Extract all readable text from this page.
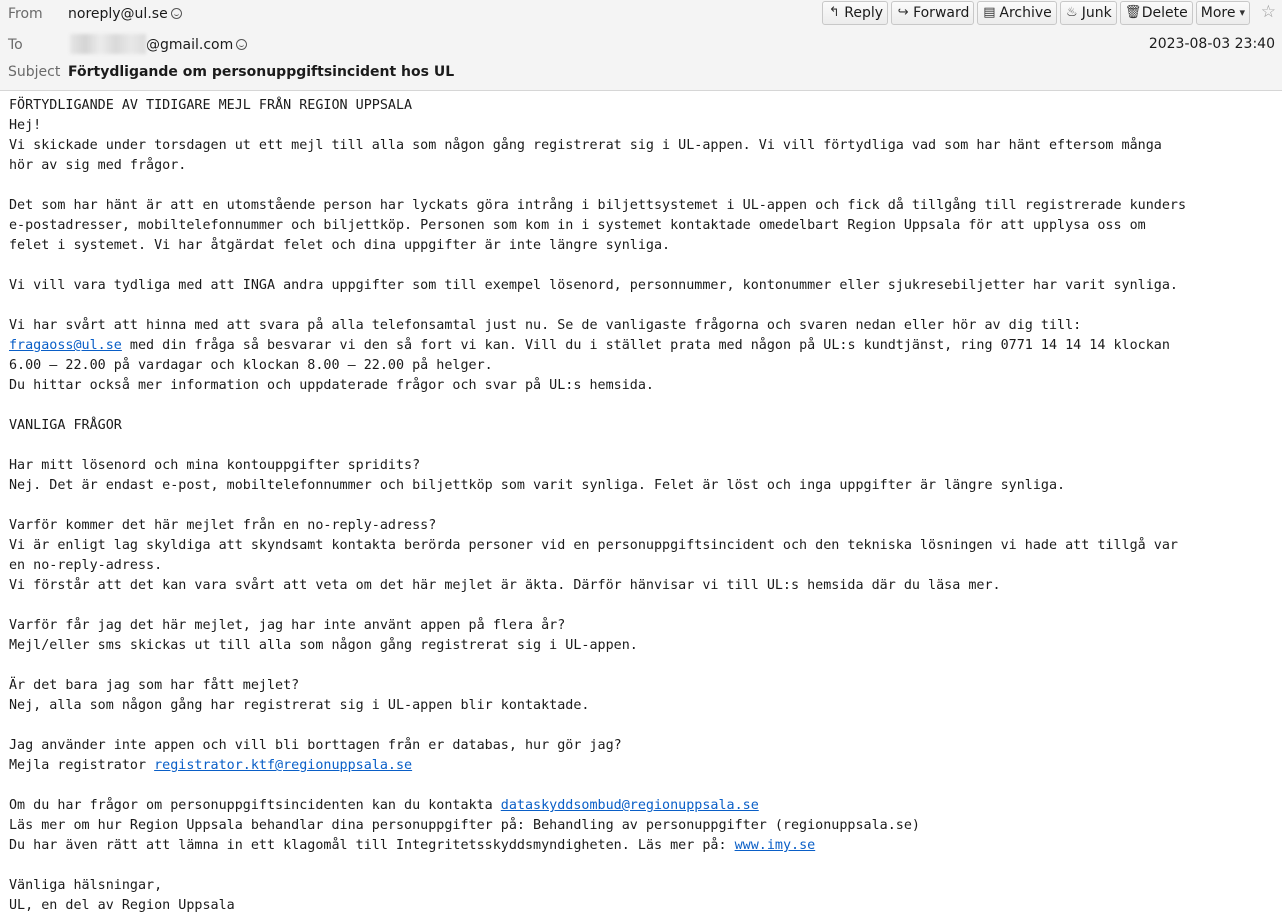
From noreply@ul.se
To	@gmail.com
Subject Förtydligande om personuppgiftsincident hos UL
2023-08-03 23:40
↰ Reply ↪ Forward ▤ Archive ♨ Junk 🗑 Delete More ▾ ☆
FÖRTYDLIGANDE AV TIDIGARE MEJL FRÅN REGION UPPSALA
Hej!
Vi skickade under torsdagen ut ett mejl till alla som någon gång registrerat sig i UL-appen. Vi vill förtydliga vad som har hänt eftersom många
hör av sig med frågor.
Det som har hänt är att en utomstående person har lyckats göra intrång i biljettsystemet i UL-appen och fick då tillgång till registrerade kunders
e-postadresser, mobiltelefonnummer och biljettköp. Personen som kom in i systemet kontaktade omedelbart Region Uppsala för att upplysa oss om
felet i systemet. Vi har åtgärdat felet och dina uppgifter är inte längre synliga.
Vi vill vara tydliga med att INGA andra uppgifter som till exempel lösenord, personnummer, kontonummer eller sjukresebiljetter har varit synliga.
Vi har svårt att hinna med att svara på alla telefonsamtal just nu. Se de vanligaste frågorna och svaren nedan eller hör av dig till:
fragaoss@ul.se med din fråga så besvarar vi den så fort vi kan. Vill du i stället prata med någon på UL:s kundtjänst, ring 0771 14 14 14 klockan
6.00 – 22.00 på vardagar och klockan 8.00 – 22.00 på helger.
Du hittar också mer information och uppdaterade frågor och svar på UL:s hemsida.
VANLIGA FRÅGOR
Har mitt lösenord och mina kontouppgifter spridits?
Nej. Det är endast e-post, mobiltelefonnummer och biljettköp som varit synliga. Felet är löst och inga uppgifter är längre synliga.
Varför kommer det här mejlet från en no-reply-adress?
Vi är enligt lag skyldiga att skyndsamt kontakta berörda personer vid en personuppgiftsincident och den tekniska lösningen vi hade att tillgå var
en no-reply-adress.
Vi förstår att det kan vara svårt att veta om det här mejlet är äkta. Därför hänvisar vi till UL:s hemsida där du läsa mer.
Varför får jag det här mejlet, jag har inte använt appen på flera år?
Mejl/eller sms skickas ut till alla som någon gång registrerat sig i UL-appen.
Är det bara jag som har fått mejlet?
Nej, alla som någon gång har registrerat sig i UL-appen blir kontaktade.
Jag använder inte appen och vill bli borttagen från er databas, hur gör jag?
Mejla registrator registrator.ktf@regionuppsala.se
Om du har frågor om personuppgiftsincidenten kan du kontakta dataskyddsombud@regionuppsala.se
Läs mer om hur Region Uppsala behandlar dina personuppgifter på: Behandling av personuppgifter (regionuppsala.se)
Du har även rätt att lämna in ett klagomål till Integritetsskyddsmyndigheten. Läs mer på: www.imy.se
Vänliga hälsningar,
UL, en del av Region Uppsala
